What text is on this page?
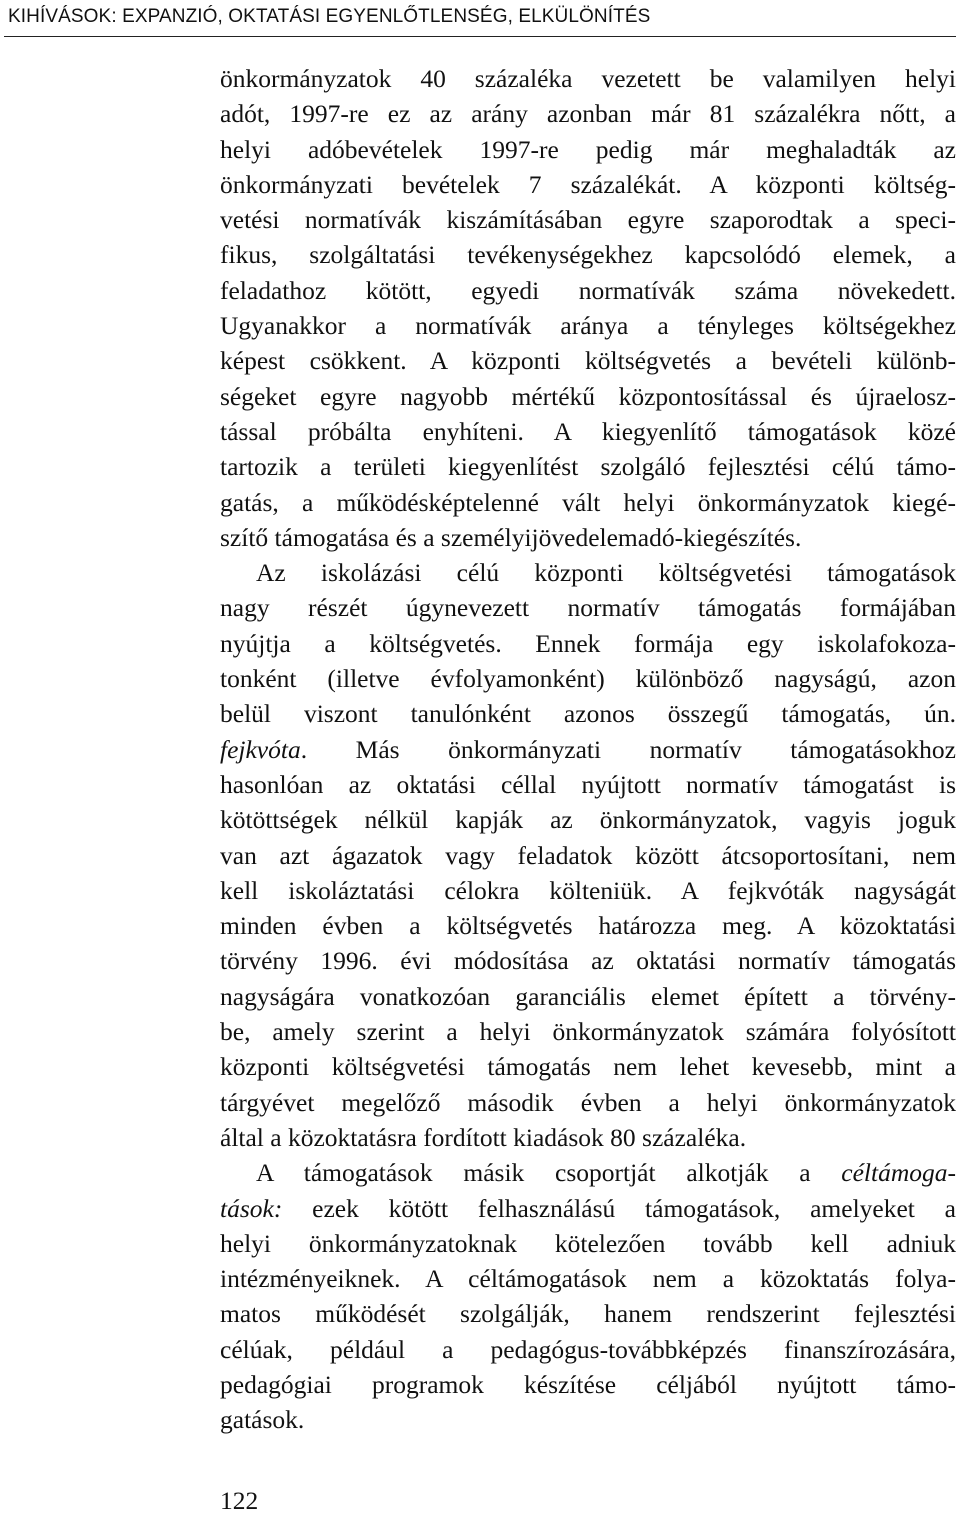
KIHÍVÁSOK: EXPANZIÓ, OKTATÁSI EGYENLŐTLENSÉG, ELKÜLÖNÍTÉS

önkormányzatok 40 százaléka vezetett be valamilyen helyi
adót, 1997-re ez az arány azonban már 81 százalékra nőtt, a
helyi adóbevételek 1997-re pedig már meghaladták az
önkormányzati bevételek 7 százalékát. A központi költség-
vetési normatívák kiszámításában egyre szaporodtak a speci-
fikus, szolgáltatási tevékenységekhez kapcsolódó elemek, a
feladathoz kötött, egyedi normatívák száma növekedett.
Ugyanakkor a normatívák aránya a tényleges költségekhez
képest csökkent. A központi költségvetés a bevételi különb-
ségeket egyre nagyobb mértékű központosítással és újraelosz-
tással próbálta enyhíteni. A kiegyenlítő támogatások közé
tartozik a területi kiegyenlítést szolgáló fejlesztési célú támo-
gatás, a működésképtelenné vált helyi önkormányzatok kiegé-
szítő támogatása és a személyijövedelemadó-kiegészítés.

Az iskolázási célú központi költségvetési támogatások
nagy részét úgynevezett normatív támogatás formájában
nyújtja a költségvetés. Ennek formája egy iskolafokoza-
tonként (illetve évfolyamonként) különböző nagyságú, azon
belül viszont tanulónként azonos összegű támogatás, ún.
fejkvóta. Más önkormányzati normatív támogatásokhoz
hasonlóan az oktatási céllal nyújtott normatív támogatást is
kötöttségek nélkül kapják az önkormányzatok, vagyis joguk
van azt ágazatok vagy feladatok között átcsoportosítani, nem
kell iskoláztatási célokra költeniük. A fejkvóták nagyságát
minden évben a költségvetés határozza meg. A közoktatási
törvény 1996. évi módosítása az oktatási normatív támogatás
nagyságára vonatkozóan garanciális elemet épített a törvény-
be, amely szerint a helyi önkormányzatok számára folyósított
központi költségvetési támogatás nem lehet kevesebb, mint a
tárgyévet megelőző második évben a helyi önkormányzatok
által a közoktatásra fordított kiadások 80 százaléka.

A támogatások másik csoportját alkotják a céltámoga-
tások: ezek kötött felhasználású támogatások, amelyeket a
helyi önkormányzatoknak kötelezően tovább kell adniuk
intézményeiknek. A céltámogatások nem a közoktatás folya-
matos működését szolgálják, hanem rendszerint fejlesztési
célúak, például a pedagógus-továbbképzés finanszírozására,
pedagógiai programok készítése céljából nyújtott támo-
gatások.

122
